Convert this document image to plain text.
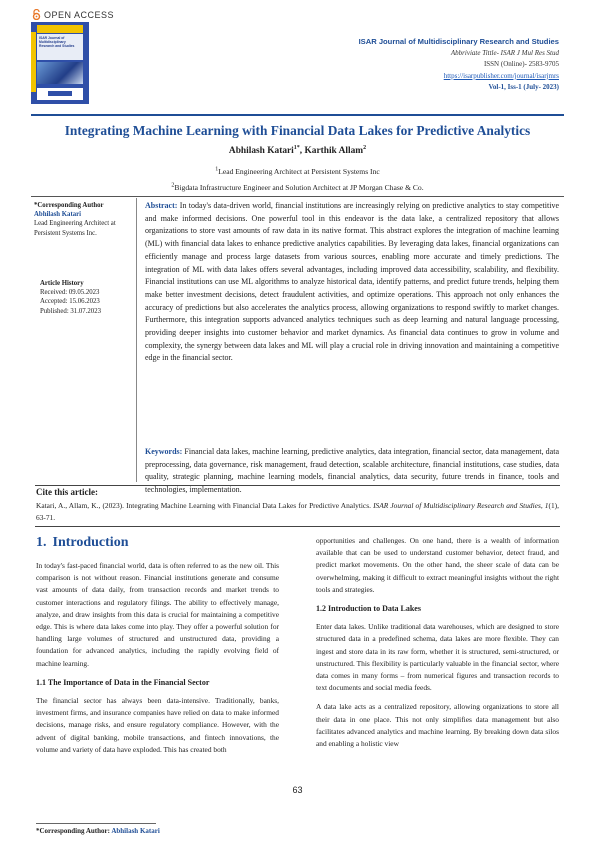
OPEN ACCESS
ISAR Journal of Multidisciplinary Research and Studies
ISAR Journal of Multidisciplinary Research and Studies
Abbriviate Tittle- ISAR J Mul Res Stud
ISSN (Online)- 2583-9705
https://isarpublisher.com/journal/isarjmrs
Vol-1, Iss-1 (July- 2023)
Integrating Machine Learning with Financial Data Lakes for Predictive Analytics
Abhilash Katari$^{1*}$, Karthik Allam$^2$
$^1$Lead Engineering Architect at Persistent Systems Inc
$^2$Bigdata Infrastructure Engineer and Solution Architect at JP Morgan Chase & Co.
*Corresponding Author
Abhilash Katari
Lead Engineering Architect at Persistent Systems Inc.
Article History
Received: 09.05.2023
Accepted: 15.06.2023
Published: 31.07.2023
Abstract: In today's data-driven world, financial institutions are increasingly relying on predictive analytics to stay competitive and make informed decisions. One powerful tool in this endeavor is the data lake, a centralized repository that allows organizations to store vast amounts of raw data in its native format. This abstract explores the integration of machine learning (ML) with financial data lakes to enhance predictive analytics capabilities. By leveraging data lakes, financial organizations can efficiently manage and process large datasets from various sources, enabling more accurate and timely predictions. The integration of ML with data lakes offers several advantages, including improved data accessibility, scalability, and flexibility. Financial institutions can use ML algorithms to analyze historical data, identify patterns, and predict future trends, helping them make better investment decisions, detect fraudulent activities, and optimize operations. This approach not only enhances the accuracy of predictions but also accelerates the analytics process, allowing organizations to respond swiftly to market changes. Furthermore, this integration supports advanced analytics techniques such as deep learning and natural language processing, providing deeper insights into customer behavior and market dynamics. As financial data continues to grow in volume and complexity, the synergy between data lakes and ML will play a crucial role in driving innovation and maintaining a competitive edge in the financial sector.
Keywords: Financial data lakes, machine learning, predictive analytics, data integration, financial sector, data management, data preprocessing, data governance, risk management, fraud detection, scalable architecture, financial institutions, case studies, data quality, strategic planning, machine learning models, financial analytics, data security, future trends in finance, tools and technologies, implementation.
Cite this article:
Katari, A., Allam, K., (2023). Integrating Machine Learning with Financial Data Lakes for Predictive Analytics. ISAR Journal of Multidisciplinary Research and Studies, 1(1), 63-71.
1. Introduction

In today's fast-paced financial world, data is often referred to as the new oil. This comparison is not without reason. Financial institutions generate and consume vast amounts of data daily, from transaction records and market trends to customer interactions and regulatory filings. The ability to effectively manage, analyze, and draw insights from this data is crucial for maintaining a competitive edge. This is where data lakes come into play. They offer a powerful solution for handling large volumes of structured and unstructured data, providing a foundation for advanced analytics, including the rapidly evolving field of machine learning.

1.1 The Importance of Data in the Financial Sector

The financial sector has always been data-intensive. Traditionally, banks, investment firms, and insurance companies have relied on data to make informed decisions, manage risks, and ensure regulatory compliance. However, with the advent of digital banking, mobile transactions, and fintech innovations, the volume and variety of data have exploded. This has created both

opportunities and challenges. On one hand, there is a wealth of information available that can be used to understand customer behavior, detect fraud, and predict market movements. On the other hand, the sheer scale of data can be overwhelming, making it difficult to extract meaningful insights without the right tools and strategies.

1.2 Introduction to Data Lakes

Enter data lakes. Unlike traditional data warehouses, which are designed to store structured data in a predefined schema, data lakes are more flexible. They can ingest and store data in its raw form, whether it is structured, semi-structured, or unstructured. This flexibility is particularly valuable in the financial sector, where data comes in many forms – from numerical figures and transaction records to text documents and social media feeds.

A data lake acts as a centralized repository, allowing organizations to store all their data in one place. This not only simplifies data management but also facilitates advanced analytics and machine learning. By breaking down data silos and enabling a holistic view

63
*Corresponding Author: Abhilash Katari
